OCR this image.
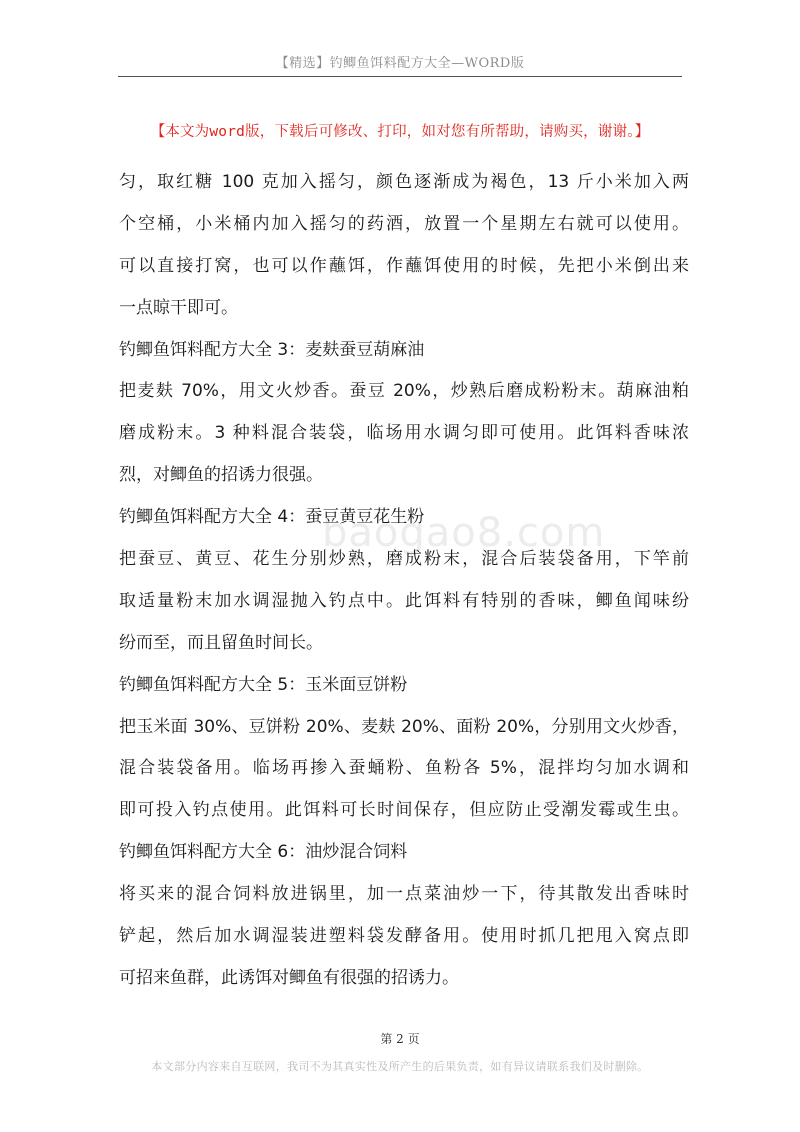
【精选】钓鲫鱼饵料配方大全—WORD版
【本文为word版，下载后可修改、打印，如对您有所帮助，请购买，谢谢。】
baogao8.com
匀，取红糖 100 克加入摇匀，颜色逐渐成为褐色，13 斤小米加入两
个空桶，小米桶内加入摇匀的药酒，放置一个星期左右就可以使用。
可以直接打窝，也可以作蘸饵，作蘸饵使用的时候，先把小米倒出来
一点晾干即可。
钓鲫鱼饵料配方大全 3：麦麸蚕豆葫麻油
把麦麸 70%，用文火炒香。蚕豆 20%，炒熟后磨成粉粉末。葫麻油粕
磨成粉末。3 种料混合装袋，临场用水调匀即可使用。此饵料香味浓
烈，对鲫鱼的招诱力很强。
钓鲫鱼饵料配方大全 4：蚕豆黄豆花生粉
把蚕豆、黄豆、花生分别炒熟，磨成粉末，混合后装袋备用，下竿前
取适量粉末加水调湿抛入钓点中。此饵料有特别的香味，鲫鱼闻味纷
纷而至，而且留鱼时间长。
钓鲫鱼饵料配方大全 5：玉米面豆饼粉
把玉米面 30%、豆饼粉 20%、麦麸 20%、面粉 20%，分别用文火炒香，
混合装袋备用。临场再掺入蚕蛹粉、鱼粉各 5%，混拌均匀加水调和
即可投入钓点使用。此饵料可长时间保存，但应防止受潮发霉或生虫。
钓鲫鱼饵料配方大全 6：油炒混合饲料
将买来的混合饲料放进锅里，加一点菜油炒一下，待其散发出香味时
铲起，然后加水调湿装进塑料袋发酵备用。使用时抓几把甩入窝点即
可招来鱼群，此诱饵对鲫鱼有很强的招诱力。
第 2 页
本文部分内容来自互联网，我司不为其真实性及所产生的后果负责，如有异议请联系我们及时删除。
